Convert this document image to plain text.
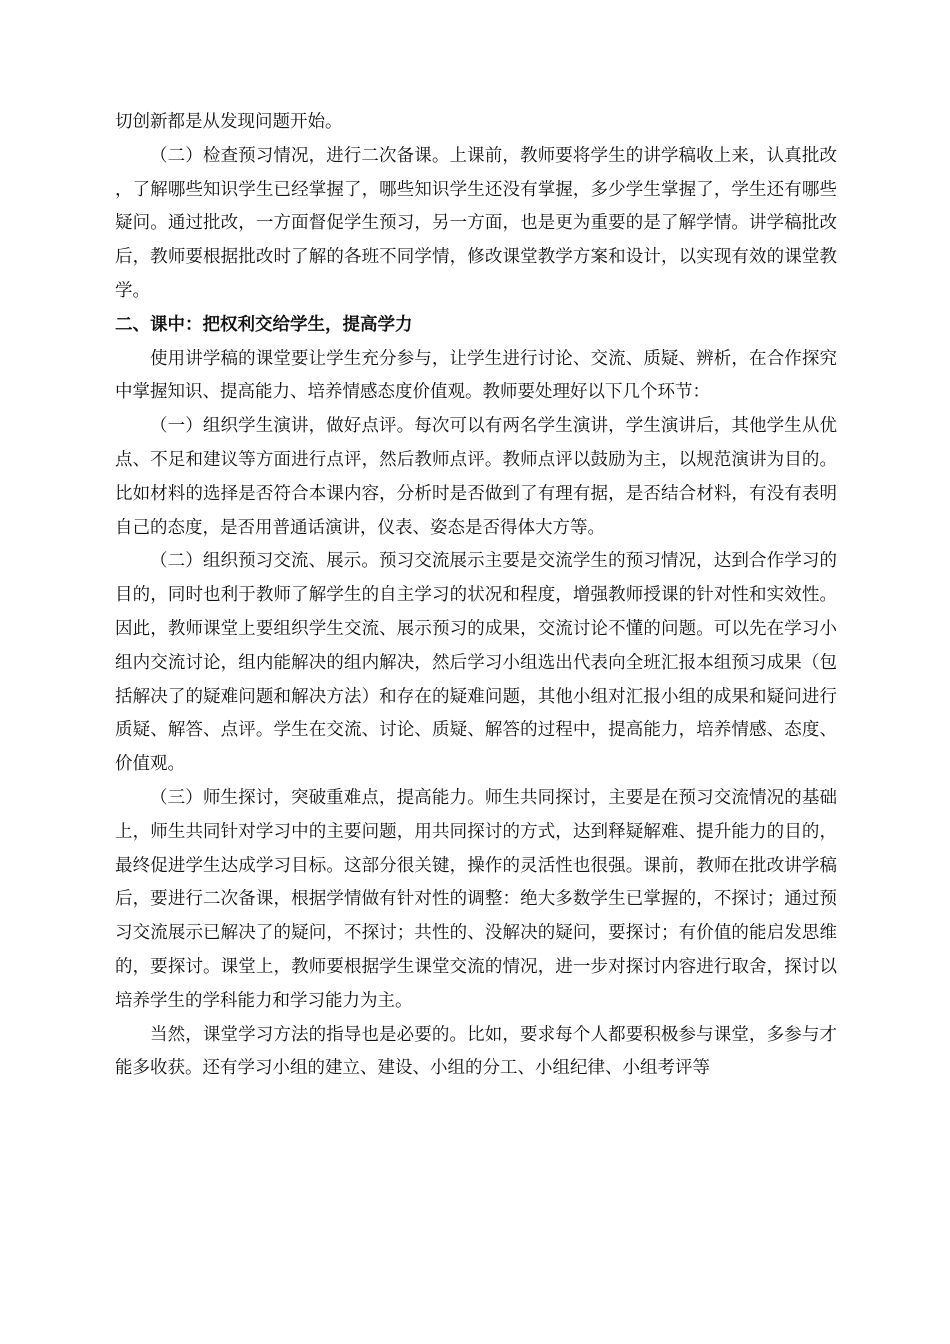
切创新都是从发现问题开始。

（二）检查预习情况，进行二次备课。上课前，教师要将学生的讲学稿收上来，认真批改，了解哪些知识学生已经掌握了，哪些知识学生还没有掌握，多少学生掌握了，学生还有哪些疑问。通过批改，一方面督促学生预习，另一方面，也是更为重要的是了解学情。讲学稿批改后，教师要根据批改时了解的各班不同学情，修改课堂教学方案和设计，以实现有效的课堂教学。

二、课中：把权利交给学生，提高学力

使用讲学稿的课堂要让学生充分参与，让学生进行讨论、交流、质疑、辨析，在合作探究中掌握知识、提高能力、培养情感态度价值观。教师要处理好以下几个环节：

（一）组织学生演讲，做好点评。每次可以有两名学生演讲，学生演讲后，其他学生从优点、不足和建议等方面进行点评，然后教师点评。教师点评以鼓励为主，以规范演讲为目的。比如材料的选择是否符合本课内容，分析时是否做到了有理有据，是否结合材料，有没有表明自己的态度，是否用普通话演讲，仪表、姿态是否得体大方等。

（二）组织预习交流、展示。预习交流展示主要是交流学生的预习情况，达到合作学习的目的，同时也利于教师了解学生的自主学习的状况和程度，增强教师授课的针对性和实效性。因此，教师课堂上要组织学生交流、展示预习的成果，交流讨论不懂的问题。可以先在学习小组内交流讨论，组内能解决的组内解决，然后学习小组选出代表向全班汇报本组预习成果（包括解决了的疑难问题和解决方法）和存在的疑难问题，其他小组对汇报小组的成果和疑问进行质疑、解答、点评。学生在交流、讨论、质疑、解答的过程中，提高能力，培养情感、态度、价值观。

（三）师生探讨，突破重难点，提高能力。师生共同探讨，主要是在预习交流情况的基础上，师生共同针对学习中的主要问题，用共同探讨的方式，达到释疑解难、提升能力的目的，最终促进学生达成学习目标。这部分很关键，操作的灵活性也很强。课前，教师在批改讲学稿后，要进行二次备课，根据学情做有针对性的调整：绝大多数学生已掌握的，不探讨；通过预习交流展示已解决了的疑问，不探讨；共性的、没解决的疑问，要探讨；有价值的能启发思维的，要探讨。课堂上，教师要根据学生课堂交流的情况，进一步对探讨内容进行取舍，探讨以培养学生的学科能力和学习能力为主。

当然，课堂学习方法的指导也是必要的。比如，要求每个人都要积极参与课堂，多参与才能多收获。还有学习小组的建立、建设、小组的分工、小组纪律、小组考评等
